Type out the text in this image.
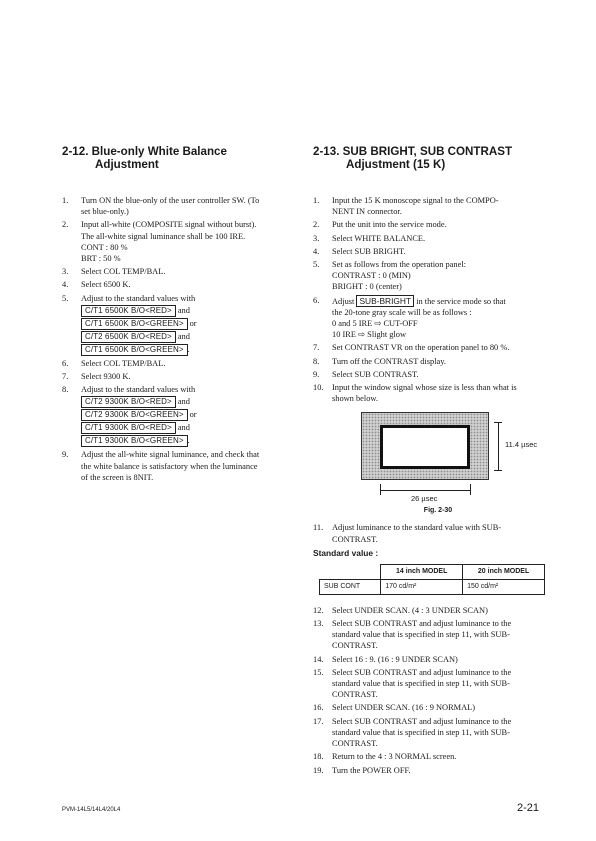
2-12. Blue-only White Balance
Adjustment
1. Turn ON the blue-only of the user controller SW. (To
set blue-only.)
2. Input all-white (COMPOSITE signal without burst).
The all-white signal luminance shall be 100 IRE.
CONT : 80 %
BRT : 50 %
3. Select COL TEMP/BAL.
4. Select 6500 K.
5. Adjust to the standard values with
C/T1 6500K B/O<RED> and
C/T1 6500K B/O<GREEN> or
C/T2 6500K B/O<RED> and
C/T1 6500K B/O<GREEN> .
6. Select COL TEMP/BAL.
7. Select 9300 K.
8. Adjust to the standard values with
C/T2 9300K B/O<RED> and
C/T2 9300K B/O<GREEN> or
C/T1 9300K B/O<RED> and
C/T1 9300K B/O<GREEN> .
9. Adjust the all-white signal luminance, and check that
the white balance is satisfactory when the luminance
of the screen is 8NIT.
2-13. SUB BRIGHT, SUB CONTRAST
Adjustment (15 K)
1. Input the 15 K monoscope signal to the COMPO-
NENT IN connector.
2. Put the unit into the service mode.
3. Select WHITE BALANCE.
4. Select SUB BRIGHT.
5. Set as follows from the operation panel:
CONTRAST : 0 (MIN)
BRIGHT : 0 (center)
6. Adjust SUB-BRIGHT in the service mode so that
the 20-tone gray scale will be as follows :
0 and 5 IRE ⇨ CUT-OFF
10 IRE ⇨ Slight glow
7. Set CONTRAST VR on the operation panel to 80 %.
8. Turn off the CONTRAST display.
9. Select SUB CONTRAST.
10. Input the window signal whose size is less than what is
shown below.
11.4 µsec
26 µsec
Fig. 2-30
11. Adjust luminance to the standard value with SUB-
CONTRAST.
Standard value :
	14 inch MODEL	20 inch MODEL
SUB CONT	170 cd/m²	150 cd/m²
12. Select UNDER SCAN. (4 : 3 UNDER SCAN)
13. Select SUB CONTRAST and adjust luminance to the
standard value that is specified in step 11, with SUB-
CONTRAST.
14. Select 16 : 9. (16 : 9 UNDER SCAN)
15. Select SUB CONTRAST and adjust luminance to the
standard value that is specified in step 11, with SUB-
CONTRAST.
16. Select UNDER SCAN. (16 : 9 NORMAL)
17. Select SUB CONTRAST and adjust luminance to the
standard value that is specified in step 11, with SUB-
CONTRAST.
18. Return to the 4 : 3 NORMAL screen.
19. Turn the POWER OFF.
PVM-14L5/14L4/20L4	2-21
